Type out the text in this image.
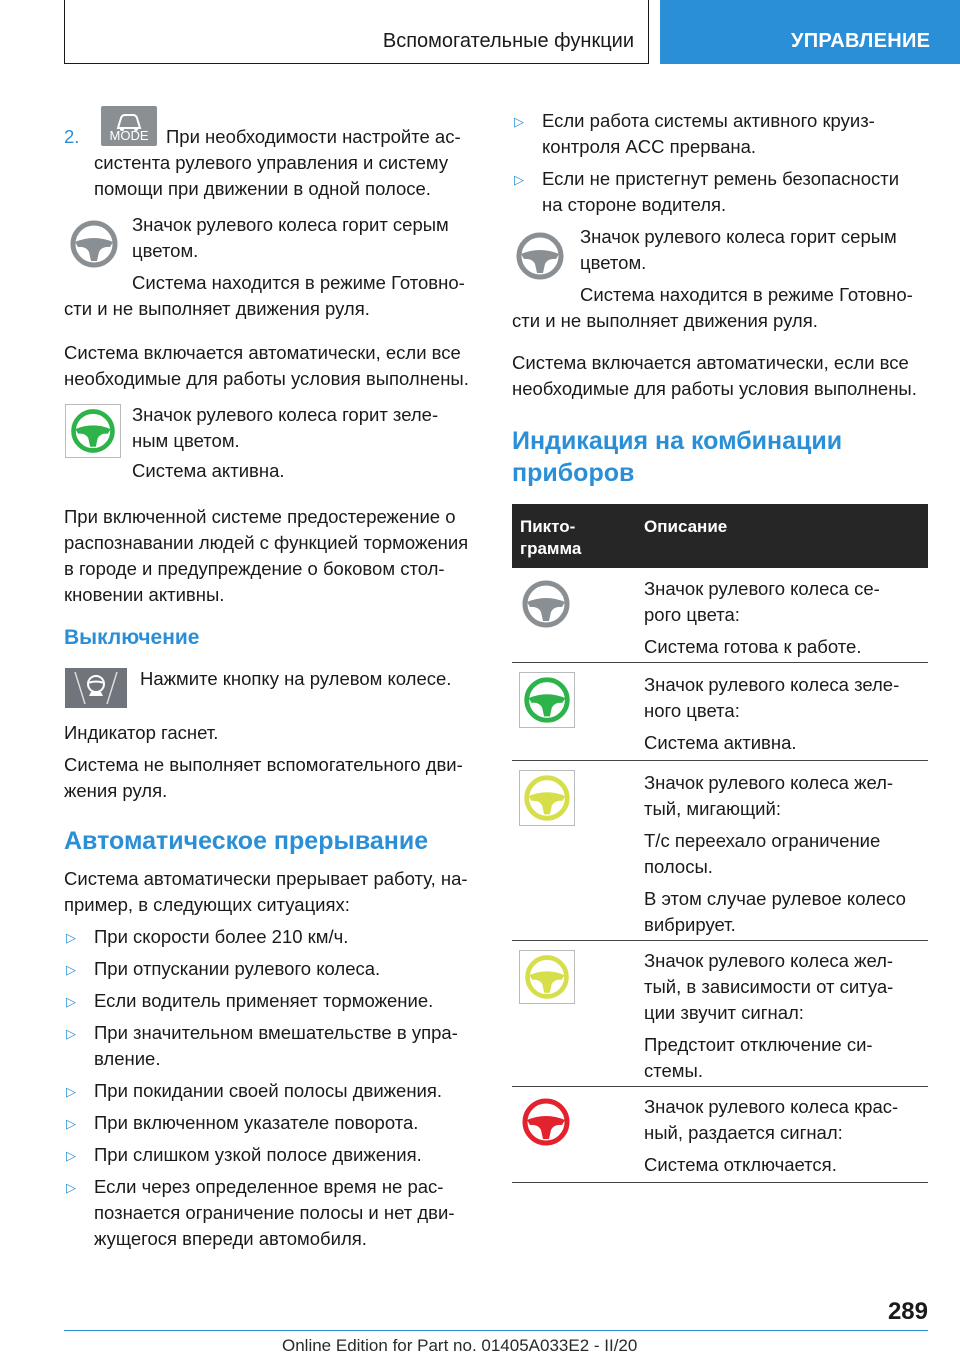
Вспомогательные функции	УПРАВЛЕНИЕ
2.	MODE При необходимости настройте ас-
систента рулевого управления и систему
помощи при движении в одной полосе.
Значок рулевого колеса горит серым
цветом.
Система находится в режиме Готовно-
сти и не выполняет движения руля.
Система включается автоматически, если все
необходимые для работы условия выполнены.
Значок рулевого колеса горит зеле-
ным цветом.
Система активна.
При включенной системе предостережение о
распознавании людей с функцией торможения
в городе и предупреждение о боковом стол-
кновении активны.
Выключение
Нажмите кнопку на рулевом колесе.
Индикатор гаснет.
Система не выполняет вспомогательного дви-
жения руля.
Автоматическое прерывание
Система автоматически прерывает работу, на-
пример, в следующих ситуациях:
▷ При скорости более 210 км/ч.
▷ При отпускании рулевого колеса.
▷ Если водитель применяет торможение.
▷ При значительном вмешательстве в упра-
вление.
▷ При покидании своей полосы движения.
▷ При включенном указателе поворота.
▷ При слишком узкой полосе движения.
▷ Если через определенное время не рас-
познается ограничение полосы и нет дви-
жущегося впереди автомобиля.
▷ Если работа системы активного круиз-
контроля ACC прервана.
▷ Если не пристегнут ремень безопасности
на стороне водителя.
Значок рулевого колеса горит серым
цветом.
Система находится в режиме Готовно-
сти и не выполняет движения руля.
Система включается автоматически, если все
необходимые для работы условия выполнены.
Индикация на комбинации
приборов
Пикто-
грамма
Описание
Значок рулевого колеса се-
рого цвета:
Система готова к работе.
Значок рулевого колеса зеле-
ного цвета:
Система активна.
Значок рулевого колеса жел-
тый, мигающий:
Т/с переехало ограничение
полосы.
В этом случае рулевое колесо
вибрирует.
Значок рулевого колеса жел-
тый, в зависимости от ситуа-
ции звучит сигнал:
Предстоит отключение си-
стемы.
Значок рулевого колеса крас-
ный, раздается сигнал:
Система отключается.
289
Online Edition for Part no. 01405A033E2 - II/20
